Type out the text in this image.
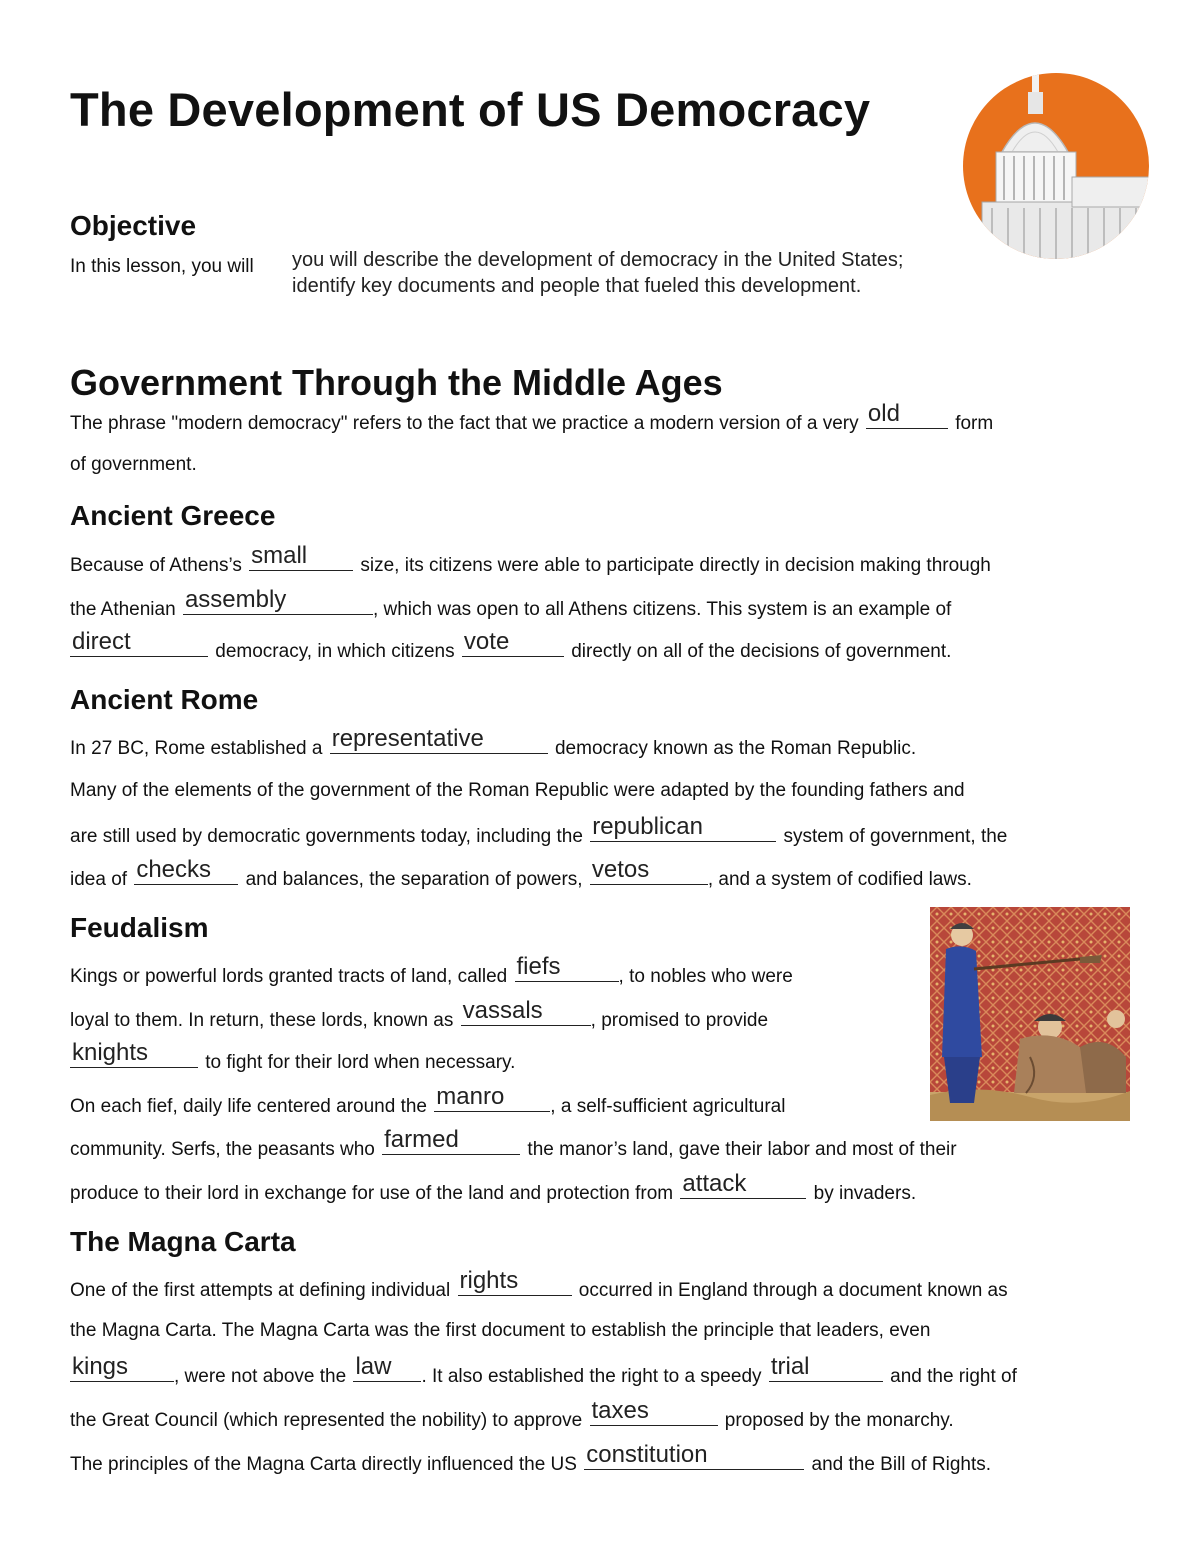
The Development of US Democracy
Objective
In this lesson, you will you will describe the development of democracy in the United States; identify key documents and people that fueled this development.
Government Through the Middle Ages
The phrase "modern democracy" refers to the fact that we practice a modern version of a very old	form
of government.
Ancient Greece
Because of Athens’s small	size, its citizens were able to participate directly in decision making through
the Athenian assembly	, which was open to all Athens citizens. This system is an example of
direct	democracy, in which citizens vote	directly on all of the decisions of government.
Ancient Rome
In 27 BC, Rome established a representative	democracy known as the Roman Republic.
Many of the elements of the government of the Roman Republic were adapted by the founding fathers and
are still used by democratic governments today, including the republican	system of government, the
idea of checks and balances, the separation of powers, vetos	, and a system of codified laws.
Feudalism
Kings or powerful lords granted tracts of land, called fiefs	, to nobles who were
loyal to them. In return, these lords, known as vassals	, promised to provide
knights	to fight for their lord when necessary.
On each fief, daily life centered around the manro , a self-sufficient agricultural
community. Serfs, the peasants who farmed	the manor’s land, gave their labor and most of their
produce to their lord in exchange for use of the land and protection from attack	by invaders.
The Magna Carta
One of the first attempts at defining individual rights	occurred in England through a document known as
the Magna Carta. The Magna Carta was the first document to establish the principle that leaders, even
kings , were not above the law . It also established the right to a speedy trial	and the right of
the Great Council (which represented the nobility) to approve taxes	proposed by the monarchy.
The principles of the Magna Carta directly influenced the US constitution	and the Bill of Rights.
